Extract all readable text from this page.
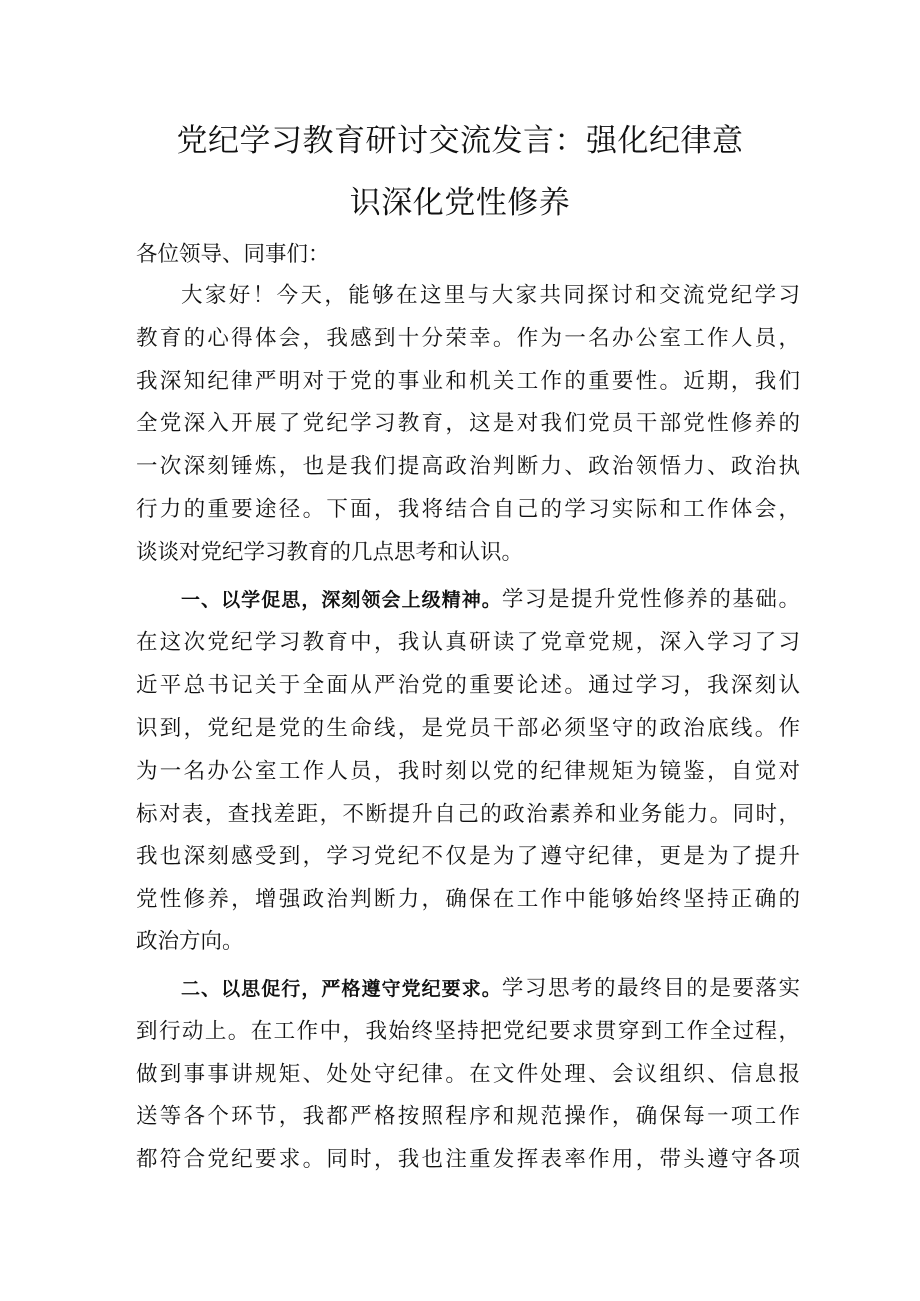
党纪学习教育研讨交流发言：强化纪律意
识深化党性修养
各位领导、同事们：
大家好！今天，能够在这里与大家共同探讨和交流党纪学习
教育的心得体会，我感到十分荣幸。作为一名办公室工作人员，
我深知纪律严明对于党的事业和机关工作的重要性。近期，我们
全党深入开展了党纪学习教育，这是对我们党员干部党性修养的
一次深刻锤炼，也是我们提高政治判断力、政治领悟力、政治执
行力的重要途径。下面，我将结合自己的学习实际和工作体会，
谈谈对党纪学习教育的几点思考和认识。
一、以学促思，深刻领会上级精神。学习是提升党性修养的基础。
在这次党纪学习教育中，我认真研读了党章党规，深入学习了习
近平总书记关于全面从严治党的重要论述。通过学习，我深刻认
识到，党纪是党的生命线，是党员干部必须坚守的政治底线。作
为一名办公室工作人员，我时刻以党的纪律规矩为镜鉴，自觉对
标对表，查找差距，不断提升自己的政治素养和业务能力。同时，
我也深刻感受到，学习党纪不仅是为了遵守纪律，更是为了提升
党性修养，增强政治判断力，确保在工作中能够始终坚持正确的
政治方向。
二、以思促行，严格遵守党纪要求。学习思考的最终目的是要落实
到行动上。在工作中，我始终坚持把党纪要求贯穿到工作全过程，
做到事事讲规矩、处处守纪律。在文件处理、会议组织、信息报
送等各个环节，我都严格按照程序和规范操作，确保每一项工作
都符合党纪要求。同时，我也注重发挥表率作用，带头遵守各项
